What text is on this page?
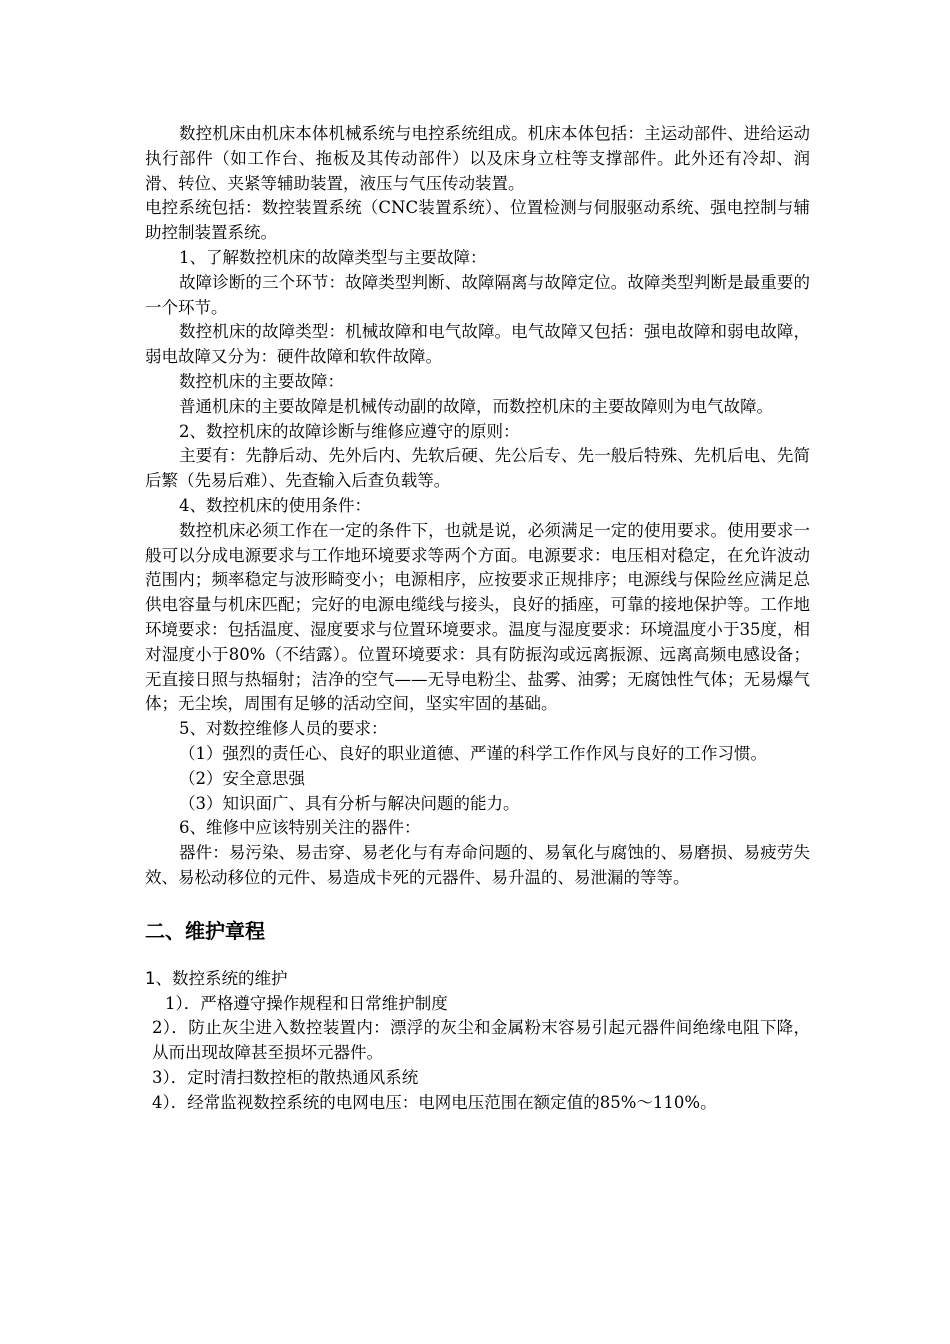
数控机床由机床本体机械系统与电控系统组成。机床本体包括：主运动部件、进给运动执行部件（如工作台、拖板及其传动部件）以及床身立柱等支撑部件。此外还有冷却、润滑、转位、夹紧等辅助装置，液压与气压传动装置。

电控系统包括：数控装置系统（CNC装置系统）、位置检测与伺服驱动系统、强电控制与辅助控制装置系统。

1、了解数控机床的故障类型与主要故障：

故障诊断的三个环节：故障类型判断、故障隔离与故障定位。故障类型判断是最重要的一个环节。

数控机床的故障类型：机械故障和电气故障。电气故障又包括：强电故障和弱电故障，弱电故障又分为：硬件故障和软件故障。

数控机床的主要故障：

普通机床的主要故障是机械传动副的故障，而数控机床的主要故障则为电气故障。

2、数控机床的故障诊断与维修应遵守的原则：

主要有：先静后动、先外后内、先软后硬、先公后专、先一般后特殊、先机后电、先简后繁（先易后难）、先查输入后查负载等。

4、数控机床的使用条件：

数控机床必须工作在一定的条件下，也就是说，必须满足一定的使用要求。使用要求一般可以分成电源要求与工作地环境要求等两个方面。电源要求：电压相对稳定，在允许波动范围内；频率稳定与波形畸变小；电源相序，应按要求正规排序；电源线与保险丝应满足总供电容量与机床匹配；完好的电源电缆线与接头，良好的插座，可靠的接地保护等。工作地环境要求：包括温度、湿度要求与位置环境要求。温度与湿度要求：环境温度小于35度，相对湿度小于80%（不结露）。位置环境要求：具有防振沟或远离振源、远离高频电感设备；无直接日照与热辐射；洁净的空气——无导电粉尘、盐雾、油雾；无腐蚀性气体；无易爆气体；无尘埃，周围有足够的活动空间，坚实牢固的基础。

5、对数控维修人员的要求：

（1）强烈的责任心、良好的职业道德、严谨的科学工作作风与良好的工作习惯。

（2）安全意思强

（3）知识面广、具有分析与解决问题的能力。

6、维修中应该特别关注的器件：

器件：易污染、易击穿、易老化与有寿命问题的、易氧化与腐蚀的、易磨损、易疲劳失效、易松动移位的元件、易造成卡死的元器件、易升温的、易泄漏的等等。

二、维护章程

1、数控系统的维护

1）．严格遵守操作规程和日常维护制度

2）．防止灰尘进入数控装置内：漂浮的灰尘和金属粉末容易引起元器件间绝缘电阻下降，从而出现故障甚至损坏元器件。

3）．定时清扫数控柜的散热通风系统

4）．经常监视数控系统的电网电压：电网电压范围在额定值的85%～110%。
